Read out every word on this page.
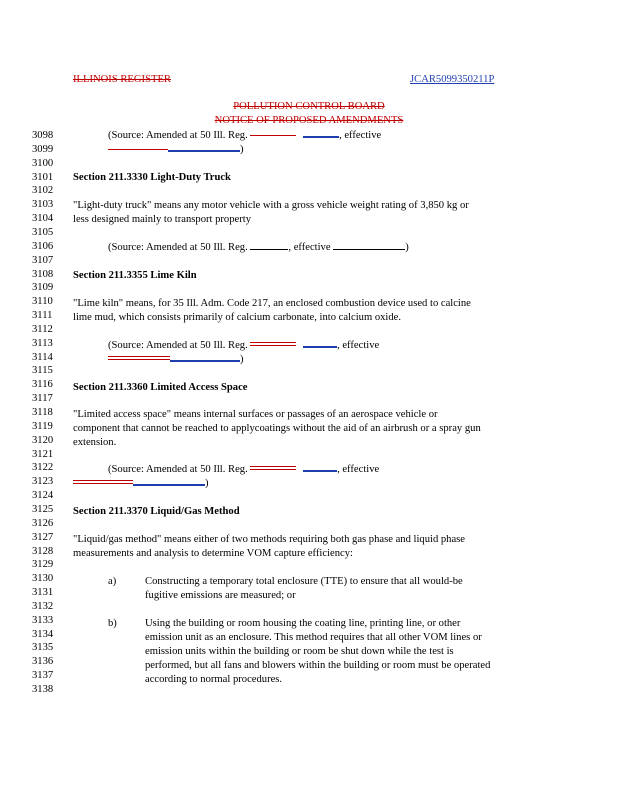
ILLINOIS REGISTER	JCAR5099350211P
POLLUTION CONTROL BOARD
NOTICE OF PROPOSED AMENDMENTS
3098
3099
3100
3101
3102
3103
3104
3105
3106
3107
3108
3109
3110
3111
3112
3113
3114
3115
3116
3117
3118
3119
3120
3121
3122
3123
3124
3125
3126
3127
3128
3129
3130
3131
3132
3133
3134
3135
3136
3137
3138
(Source: Amended at 50 Ill. Reg.	, effective
)
Section 211.3330 Light-Duty Truck
"Light-duty truck" means any motor vehicle with a gross vehicle weight rating of 3,850 kg or
less designed mainly to transport property
(Source: Amended at 50 Ill. Reg.	, effective	)
Section 211.3355 Lime Kiln
"Lime kiln" means, for 35 Ill. Adm. Code 217, an enclosed combustion device used to calcine
lime mud, which consists primarily of calcium carbonate, into calcium oxide.
(Source: Amended at 50 Ill. Reg.	, effective
)
Section 211.3360 Limited Access Space
"Limited access space" means internal surfaces or passages of an aerospace vehicle or
component that cannot be reached to applycoatings without the aid of an airbrush or a spray gun
extension.
(Source: Amended at 50 Ill. Reg.	, effective
)
Section 211.3370 Liquid/Gas Method
"Liquid/gas method" means either of two methods requiring both gas phase and liquid phase
measurements and analysis to determine VOM capture efficiency:
a)	Constructing a temporary total enclosure (TTE) to ensure that all would-be
fugitive emissions are measured; or
b)	Using the building or room housing the coating line, printing line, or other
emission unit as an enclosure. This method requires that all other VOM lines or
emission units within the building or room be shut down while the test is
performed, but all fans and blowers within the building or room must be operated
according to normal procedures.
